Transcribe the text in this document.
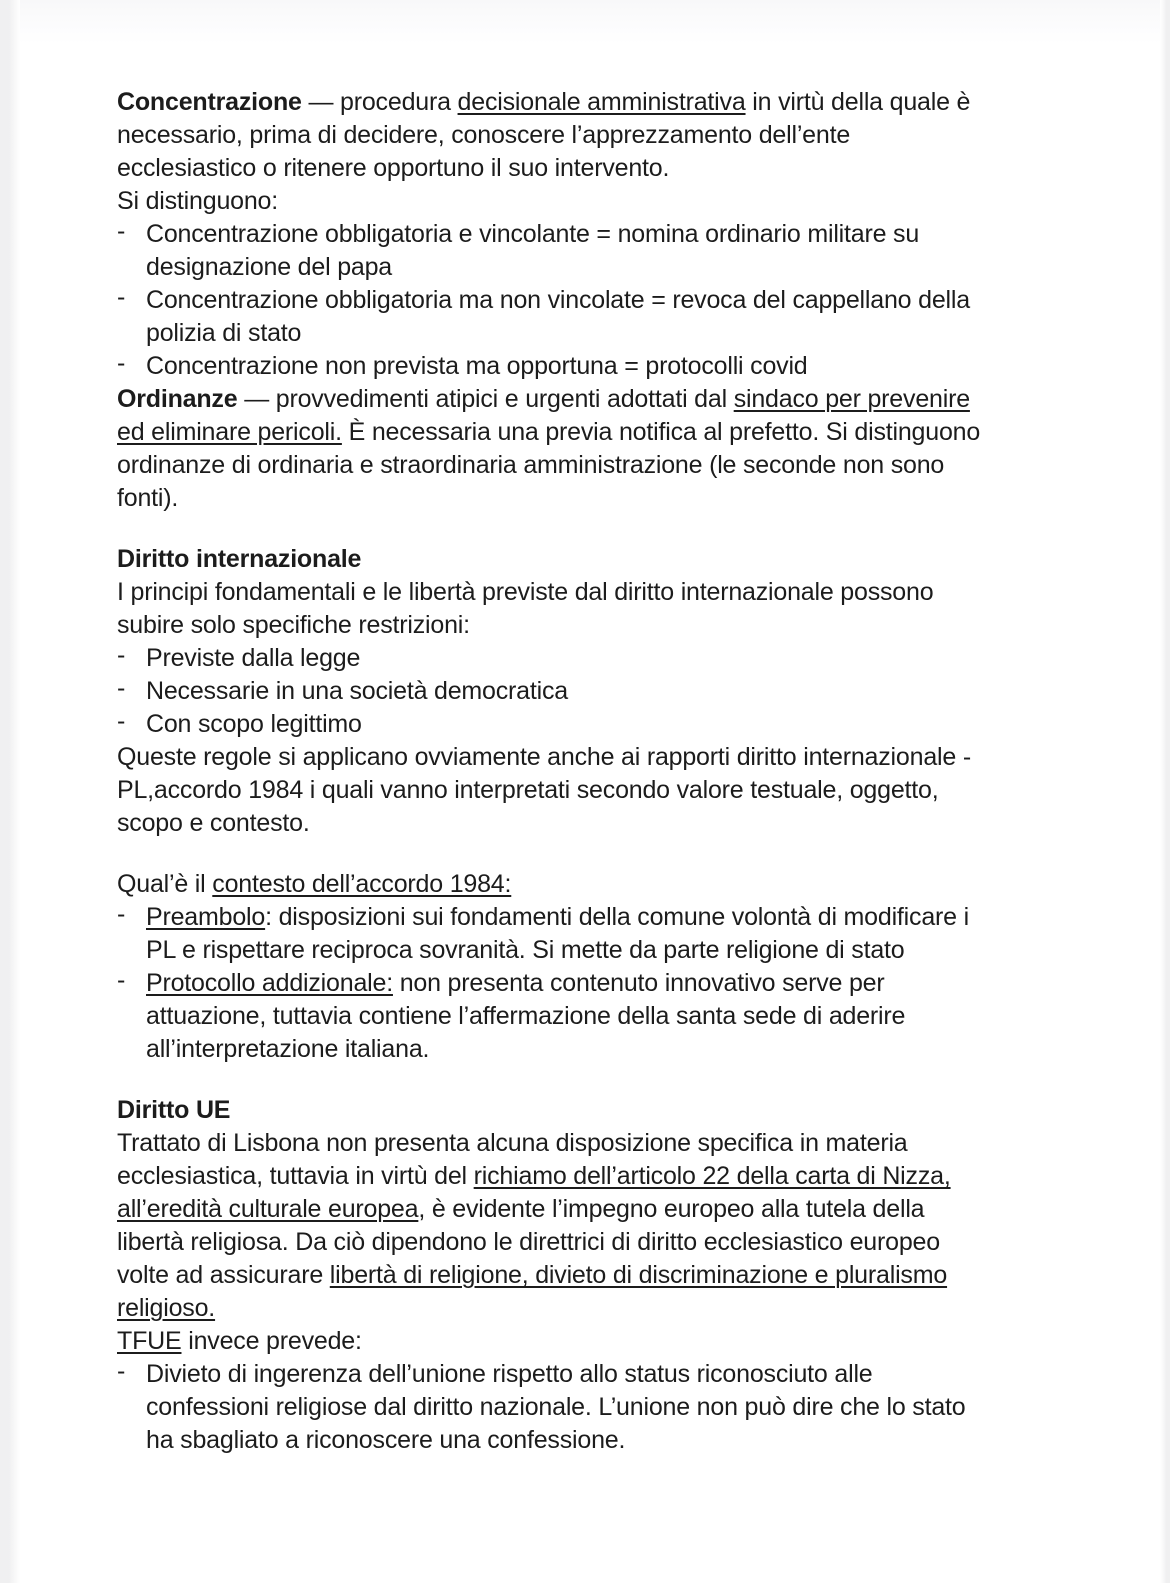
Concentrazione — procedura decisionale amministrativa in virtù della quale è
necessario, prima di decidere, conoscere l’apprezzamento dell’ente
ecclesiastico o ritenere opportuno il suo intervento.
Si distinguono:
- Concentrazione obbligatoria e vincolante = nomina ordinario militare su
designazione del papa
- Concentrazione obbligatoria ma non vincolate = revoca del cappellano della
polizia di stato
- Concentrazione non prevista ma opportuna = protocolli covid
Ordinanze — provvedimenti atipici e urgenti adottati dal sindaco per prevenire
ed eliminare pericoli. È necessaria una previa notifica al prefetto. Si distinguono
ordinanze di ordinaria e straordinaria amministrazione (le seconde non sono
fonti).
Diritto internazionale
I principi fondamentali e le libertà previste dal diritto internazionale possono
subire solo specifiche restrizioni:
- Previste dalla legge
- Necessarie in una società democratica
- Con scopo legittimo
Queste regole si applicano ovviamente anche ai rapporti diritto internazionale -
PL,accordo 1984 i quali vanno interpretati secondo valore testuale, oggetto,
scopo e contesto.
Qual’è il contesto dell’accordo 1984:
- Preambolo: disposizioni sui fondamenti della comune volontà di modificare i
PL e rispettare reciproca sovranità. Si mette da parte religione di stato
- Protocollo addizionale: non presenta contenuto innovativo serve per
attuazione, tuttavia contiene l’affermazione della santa sede di aderire
all’interpretazione italiana.
Diritto UE
Trattato di Lisbona non presenta alcuna disposizione specifica in materia
ecclesiastica, tuttavia in virtù del richiamo dell’articolo 22 della carta di Nizza,
all’eredità culturale europea, è evidente l’impegno europeo alla tutela della
libertà religiosa. Da ciò dipendono le direttrici di diritto ecclesiastico europeo
volte ad assicurare libertà di religione, divieto di discriminazione e pluralismo
religioso.
TFUE invece prevede:
- Divieto di ingerenza dell’unione rispetto allo status riconosciuto alle
confessioni religiose dal diritto nazionale. L’unione non può dire che lo stato
ha sbagliato a riconoscere una confessione.
